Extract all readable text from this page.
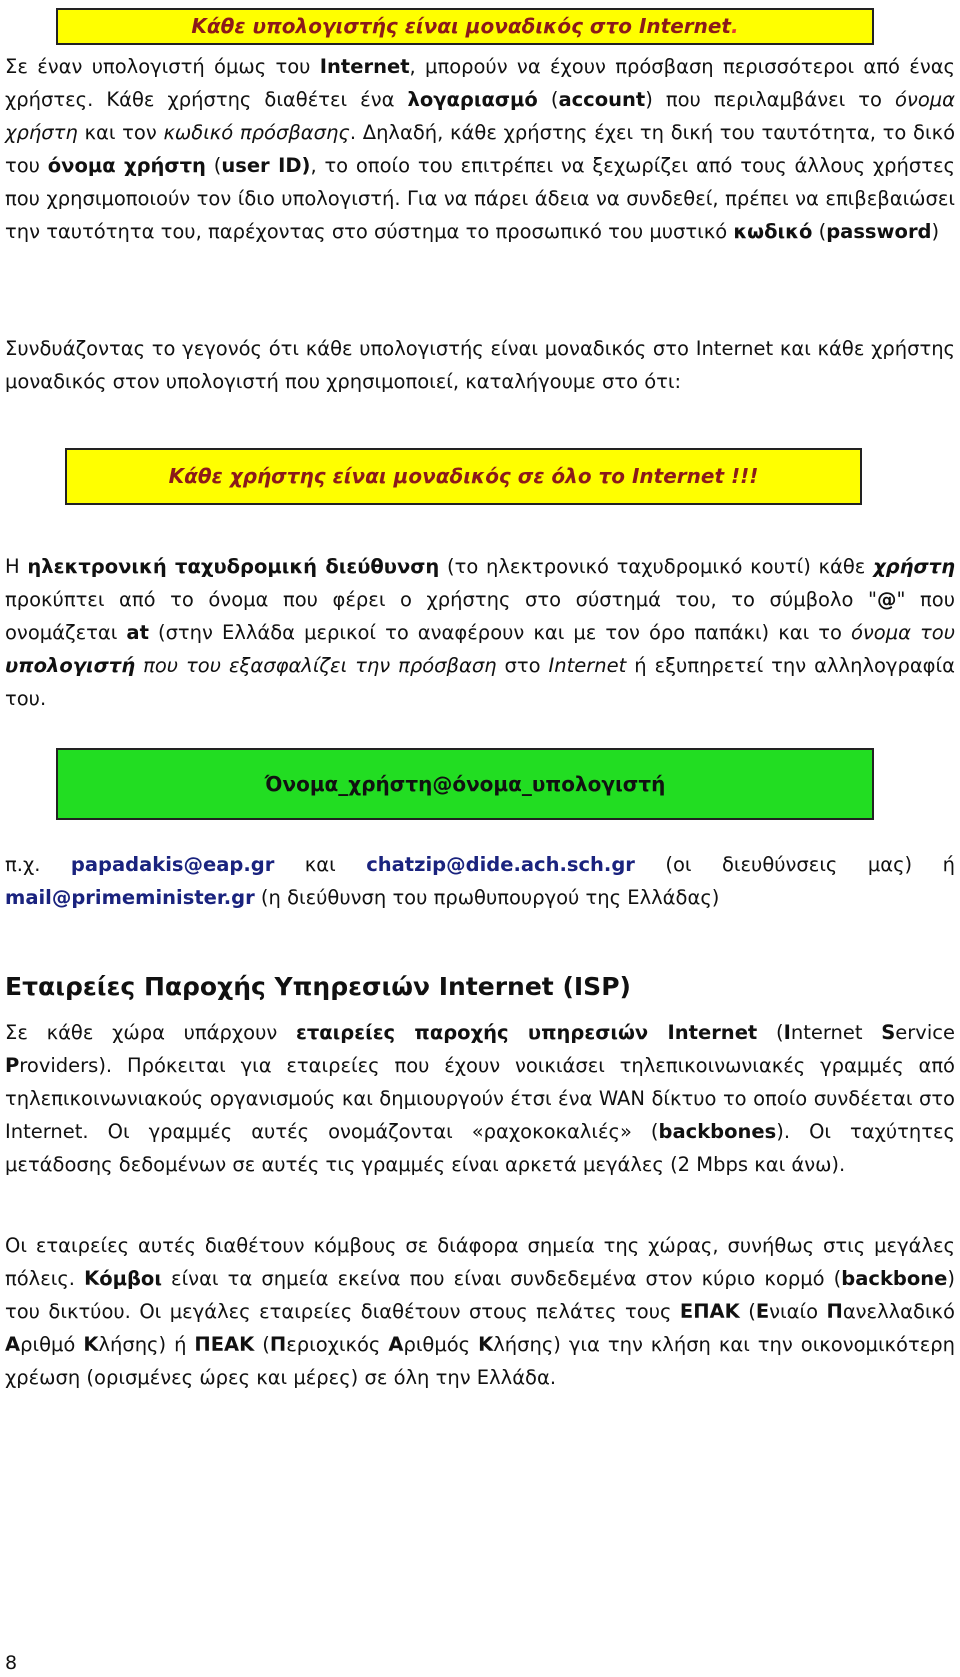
Κάθε υπολογιστής είναι μοναδικός στο Internet.

Σε έναν υπολογιστή όμως του Internet, μπορούν να έχουν πρόσβαση περισσότεροι από ένας χρήστες. Κάθε χρήστης διαθέτει ένα λογαριασμό (account) που περιλαμβάνει το όνομα χρήστη και τον κωδικό πρόσβασης. Δηλαδή, κάθε χρήστης έχει τη δική του ταυτότητα, το δικό του όνομα χρήστη (user ID), το οποίο του επιτρέπει να ξεχωρίζει από τους άλλους χρήστες που χρησιμοποιούν τον ίδιο υπολογιστή. Για να πάρει άδεια να συνδεθεί, πρέπει να επιβεβαιώσει την ταυτότητα του, παρέχοντας στο σύστημα το προσωπικό του μυστικό κωδικό (password)

Συνδυάζοντας το γεγονός ότι κάθε υπολογιστής είναι μοναδικός στο Internet και κάθε χρήστης μοναδικός στον υπολογιστή που χρησιμοποιεί, καταλήγουμε στο ότι:

Κάθε χρήστης είναι μοναδικός σε όλο το Internet !!!

Η ηλεκτρονική ταχυδρομική διεύθυνση (το ηλεκτρονικό ταχυδρομικό κουτί) κάθε χρήστη προκύπτει από το όνομα που φέρει ο χρήστης στο σύστημά του, το σύμβολο "@" που ονομάζεται at (στην Ελλάδα μερικοί το αναφέρουν και με τον όρο παπάκι) και το όνομα του υπολογιστή που του εξασφαλίζει την πρόσβαση στο Internet ή εξυπηρετεί την αλληλογραφία του.

Όνομα_χρήστη@όνομα_υπολογιστή

π.χ. papadakis@eap.gr και chatzip@dide.ach.sch.gr (οι διευθύνσεις μας) ή mail@primeminister.gr (η διεύθυνση του πρωθυπουργού της Ελλάδας)

Εταιρείες Παροχής Υπηρεσιών Internet (ISP)

Σε κάθε χώρα υπάρχουν εταιρείες παροχής υπηρεσιών Internet (Internet Service Providers). Πρόκειται για εταιρείες που έχουν νοικιάσει τηλεπικοινωνιακές γραμμές από τηλεπικοινωνιακούς οργανισμούς και δημιουργούν έτσι ένα WAN δίκτυο το οποίο συνδέεται στο Internet. Οι γραμμές αυτές ονομάζονται «ραχοκοκαλιές» (backbones). Οι ταχύτητες μετάδοσης δεδομένων σε αυτές τις γραμμές είναι αρκετά μεγάλες (2 Mbps και άνω).

Οι εταιρείες αυτές διαθέτουν κόμβους σε διάφορα σημεία της χώρας, συνήθως στις μεγάλες πόλεις. Κόμβοι είναι τα σημεία εκείνα που είναι συνδεδεμένα στον κύριο κορμό (backbone) του δικτύου. Οι μεγάλες εταιρείες διαθέτουν στους πελάτες τους ΕΠΑΚ (Ενιαίο Πανελλαδικό Αριθμό Κλήσης) ή ΠΕΑΚ (Περιοχικός Αριθμός Κλήσης) για την κλήση και την οικονομικότερη χρέωση (ορισμένες ώρες και μέρες) σε όλη την Ελλάδα.

8
